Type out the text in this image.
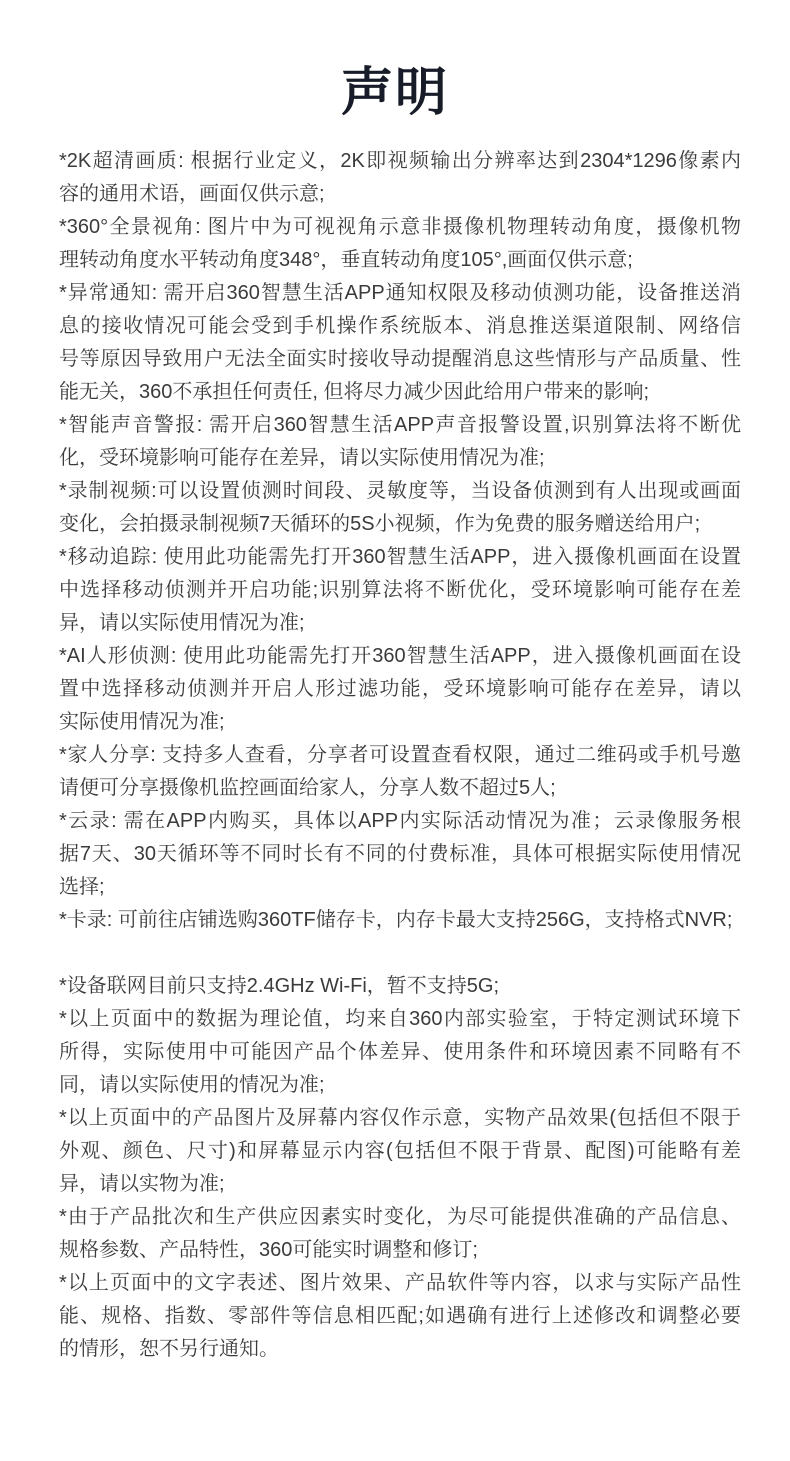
声明
*2K超清画质: 根据行业定义，2K即视频输出分辨率达到2304*1296像素内
容的通用术语，画面仅供示意;
*360°全景视角: 图片中为可视视角示意非摄像机物理转动角度，摄像机物
理转动角度水平转动角度348°，垂直转动角度105°,画面仅供示意;
*异常通知: 需开启360智慧生活APP通知权限及移动侦测功能，设备推送消
息的接收情况可能会受到手机操作系统版本、消息推送渠道限制、网络信
号等原因导致用户无法全面实时接收导动提醒消息这些情形与产品质量、性
能无关，360不承担任何责任, 但将尽力减少因此给用户带来的影响;
*智能声音警报: 需开启360智慧生活APP声音报警设置,识别算法将不断优
化，受环境影响可能存在差异，请以实际使用情况为准;
*录制视频:可以设置侦测时间段、灵敏度等，当设备侦测到有人出现或画面
变化，会拍摄录制视频7天循环的5S小视频，作为免费的服务赠送给用户;
*移动追踪: 使用此功能需先打开360智慧生活APP，进入摄像机画面在设置
中选择移动侦测并开启功能;识别算法将不断优化，受环境影响可能存在差
异，请以实际使用情况为准;
*AI人形侦测: 使用此功能需先打开360智慧生活APP，进入摄像机画面在设
置中选择移动侦测并开启人形过滤功能，受环境影响可能存在差异，请以
实际使用情况为准;
*家人分享: 支持多人查看，分享者可设置查看权限，通过二维码或手机号邀
请便可分享摄像机监控画面给家人，分享人数不超过5人;
*云录: 需在APP内购买，具体以APP内实际活动情况为准；云录像服务根
据7天、30天循环等不同时长有不同的付费标准，具体可根据实际使用情况
选择;
*卡录: 可前往店铺选购360TF储存卡，内存卡最大支持256G，支持格式NVR;
*设备联网目前只支持2.4GHz Wi-Fi，暂不支持5G;
*以上页面中的数据为理论值，均来自360内部实验室，于特定测试环境下
所得，实际使用中可能因产品个体差异、使用条件和环境因素不同略有不
同，请以实际使用的情况为准;
*以上页面中的产品图片及屏幕内容仅作示意，实物产品效果(包括但不限于
外观、颜色、尺寸)和屏幕显示内容(包括但不限于背景、配图)可能略有差
异，请以实物为准;
*由于产品批次和生产供应因素实时变化，为尽可能提供准确的产品信息、
规格参数、产品特性，360可能实时调整和修订;
*以上页面中的文字表述、图片效果、产品软件等内容，以求与实际产品性
能、规格、指数、零部件等信息相匹配;如遇确有进行上述修改和调整必要
的情形，恕不另行通知。
